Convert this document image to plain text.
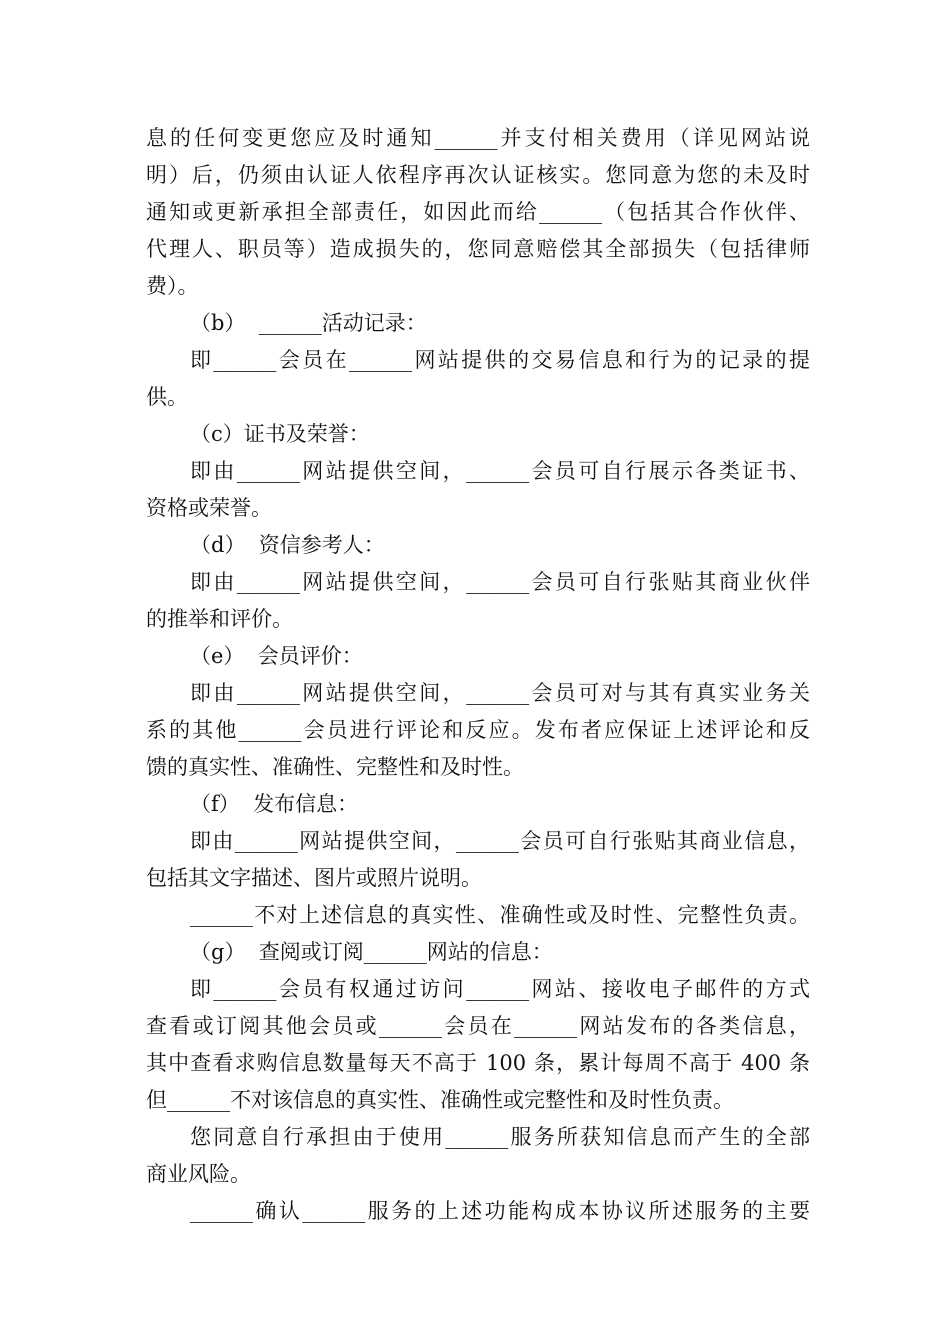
息的任何变更您应及时通知______并支付相关费用（详见网站说
明）后，仍须由认证人依程序再次认证核实。您同意为您的未及时
通知或更新承担全部责任，如因此而给______（包括其合作伙伴、
代理人、职员等）造成损失的，您同意赔偿其全部损失（包括律师
费）。
（b）  ______活动记录：
即______会员在______网站提供的交易信息和行为的记录的提
供。
（c）证书及荣誉：
即由______网站提供空间，______会员可自行展示各类证书、
资格或荣誉。
（d）  资信参考人：
即由______网站提供空间，______会员可自行张贴其商业伙伴
的推举和评价。
（e）  会员评价：
即由______网站提供空间，______会员可对与其有真实业务关
系的其他______会员进行评论和反应。发布者应保证上述评论和反
馈的真实性、准确性、完整性和及时性。
（f）  发布信息：
即由______网站提供空间，______会员可自行张贴其商业信息，
包括其文字描述、图片或照片说明。
______不对上述信息的真实性、准确性或及时性、完整性负责。
（g）  查阅或订阅______网站的信息：
即______会员有权通过访问______网站、接收电子邮件的方式
查看或订阅其他会员或______会员在______网站发布的各类信息，
其中查看求购信息数量每天不高于 100 条，累计每周不高于 400 条
但______不对该信息的真实性、准确性或完整性和及时性负责。
您同意自行承担由于使用______服务所获知信息而产生的全部
商业风险。
______确认______服务的上述功能构成本协议所述服务的主要
